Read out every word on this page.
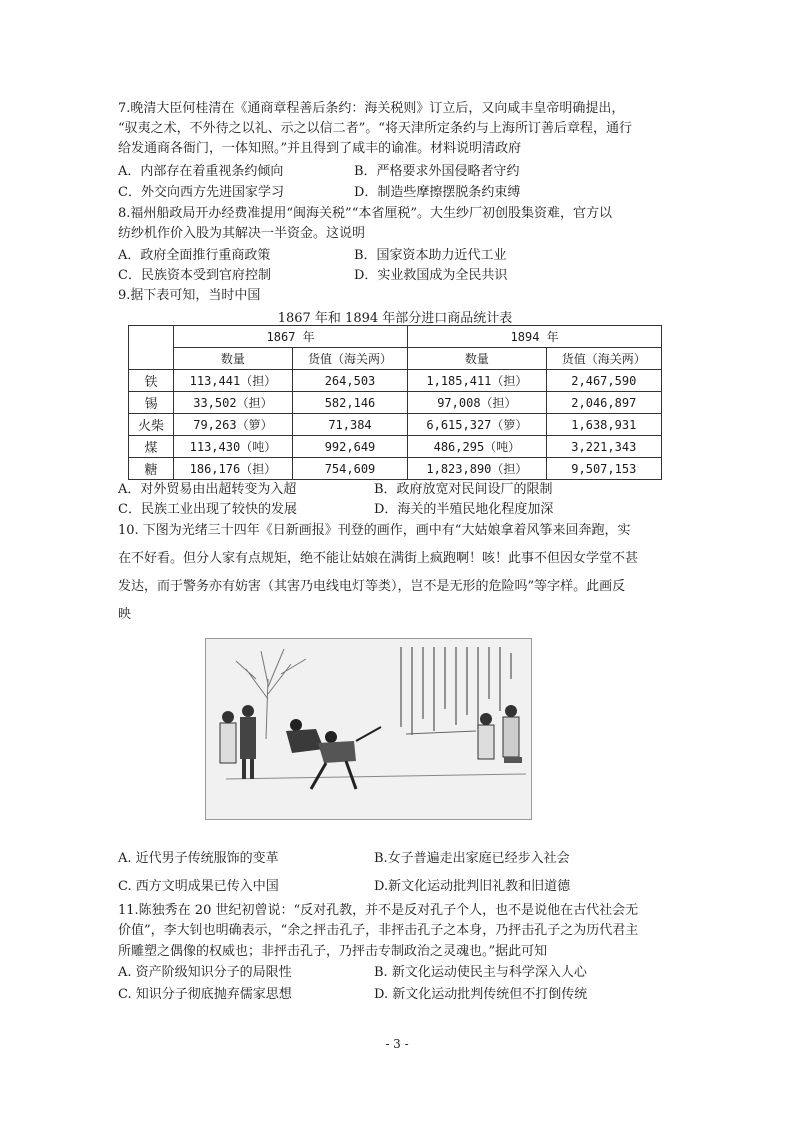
7.晚清大臣何桂清在《通商章程善后条约：海关税则》订立后，又向咸丰皇帝明确提出，
“驭夷之术，不外待之以礼、示之以信二者”。“将天津所定条约与上海所订善后章程，通行
给发通商各衙门，一体知照。”并且得到了咸丰的谕准。材料说明清政府
A．内部存在着重视条约倾向	B．严格要求外国侵略者守约
C．外交向西方先进国家学习	D．制造些摩擦摆脱条约束缚
8.福州船政局开办经费准提用“闽海关税”“本省厘税”。大生纱厂初创股集资难，官方以
纺纱机作价入股为其解决一半资金。这说明
A．政府全面推行重商政策	B．国家资本助力近代工业
C．民族资本受到官府控制	D．实业救国成为全民共识
9.据下表可知，当时中国
1867 年和 1894 年部分进口商品统计表
	1867 年		1894 年	
	数量	货值（海关两）	数量	货值（海关两）
铁	113,441（担）	264,503	1,185,411（担）	2,467,590
锡	33,502（担）	582,146	97,008（担）	2,046,897
火柴	79,263（箩）	71,384	6,615,327（箩）	1,638,931
煤	113,430（吨）	992,649	486,295（吨）	3,221,343
糖	186,176（担）	754,609	1,823,890（担）	9,507,153
A．对外贸易由出超转变为入超	B．政府放宽对民间设厂的限制
C．民族工业出现了较快的发展	D．海关的半殖民地化程度加深
10. 下图为光绪三十四年《日新画报》刊登的画作，画中有“大姑娘拿着风筝来回奔跑，实
在不好看。但分人家有点规矩，绝不能让姑娘在满街上疯跑啊！咳！此事不但因女学堂不甚
发达，而于警务亦有妨害（其害乃电线电灯等类），岂不是无形的危险吗”等字样。此画反
映
A. 近代男子传统服饰的变革	B.女子普遍走出家庭已经步入社会
C. 西方文明成果已传入中国	D.新文化运动批判旧礼教和旧道德
11.陈独秀在 20 世纪初曾说：“反对孔教，并不是反对孔子个人，也不是说他在古代社会无
价值”，李大钊也明确表示，“余之抨击孔子，非抨击孔子之本身，乃抨击孔子之为历代君主
所雕塑之偶像的权威也；非抨击孔子，乃抨击专制政治之灵魂也。”据此可知
A. 资产阶级知识分子的局限性	B. 新文化运动使民主与科学深入人心
C. 知识分子彻底抛弃儒家思想	D. 新文化运动批判传统但不打倒传统
- 3 -
